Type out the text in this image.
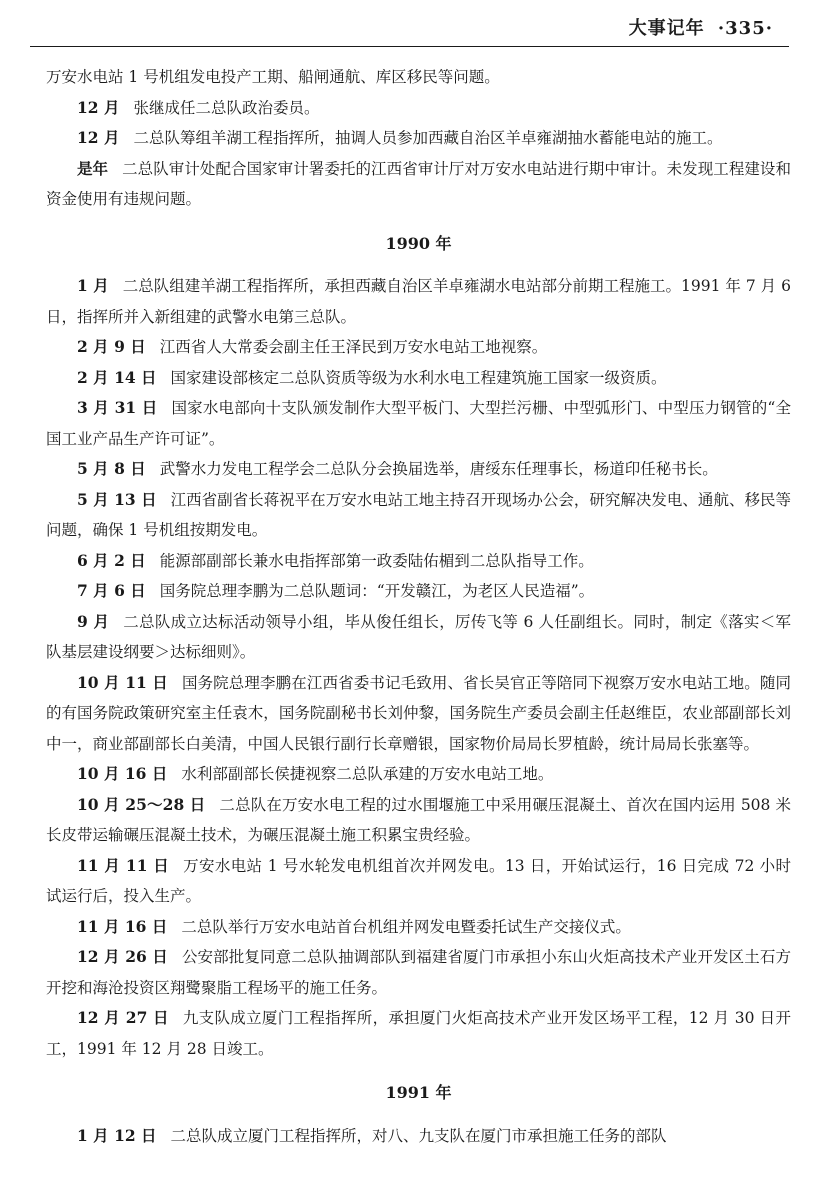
大事记年 ·335·

万安水电站 1 号机组发电投产工期、船闸通航、库区移民等问题。

12 月 张继成任二总队政治委员。

12 月 二总队筹组羊湖工程指挥所，抽调人员参加西藏自治区羊卓雍湖抽水蓄能电站的施工。

是年 二总队审计处配合国家审计署委托的江西省审计厅对万安水电站进行期中审计。未发现工程建设和资金使用有违规问题。

1990 年

1 月 二总队组建羊湖工程指挥所，承担西藏自治区羊卓雍湖水电站部分前期工程施工。1991 年 7 月 6 日，指挥所并入新组建的武警水电第三总队。

2 月 9 日 江西省人大常委会副主任王泽民到万安水电站工地视察。

2 月 14 日 国家建设部核定二总队资质等级为水利水电工程建筑施工国家一级资质。

3 月 31 日 国家水电部向十支队颁发制作大型平板门、大型拦污栅、中型弧形门、中型压力钢管的“全国工业产品生产许可证”。

5 月 8 日 武警水力发电工程学会二总队分会换届选举，唐绥东任理事长，杨道印任秘书长。

5 月 13 日 江西省副省长蒋祝平在万安水电站工地主持召开现场办公会，研究解决发电、通航、移民等问题，确保 1 号机组按期发电。

6 月 2 日 能源部副部长兼水电指挥部第一政委陆佑楣到二总队指导工作。

7 月 6 日 国务院总理李鹏为二总队题词：“开发赣江，为老区人民造福”。

9 月 二总队成立达标活动领导小组，毕从俊任组长，厉传飞等 6 人任副组长。同时，制定《落实＜军队基层建设纲要＞达标细则》。

10 月 11 日 国务院总理李鹏在江西省委书记毛致用、省长吴官正等陪同下视察万安水电站工地。随同的有国务院政策研究室主任袁木，国务院副秘书长刘仲黎，国务院生产委员会副主任赵维臣，农业部副部长刘中一，商业部副部长白美清，中国人民银行副行长章赠银，国家物价局局长罗植龄，统计局局长张塞等。

10 月 16 日 水利部副部长侯捷视察二总队承建的万安水电站工地。

10 月 25～28 日 二总队在万安水电工程的过水围堰施工中采用碾压混凝土、首次在国内运用 508 米长皮带运输碾压混凝土技术，为碾压混凝土施工积累宝贵经验。

11 月 11 日 万安水电站 1 号水轮发电机组首次并网发电。13 日，开始试运行，16 日完成 72 小时试运行后，投入生产。

11 月 16 日 二总队举行万安水电站首台机组并网发电暨委托试生产交接仪式。

12 月 26 日 公安部批复同意二总队抽调部队到福建省厦门市承担小东山火炬高技术产业开发区土石方开挖和海沧投资区翔鹭聚脂工程场平的施工任务。

12 月 27 日 九支队成立厦门工程指挥所，承担厦门火炬高技术产业开发区场平工程，12 月 30 日开工，1991 年 12 月 28 日竣工。

1991 年

1 月 12 日 二总队成立厦门工程指挥所，对八、九支队在厦门市承担施工任务的部队
